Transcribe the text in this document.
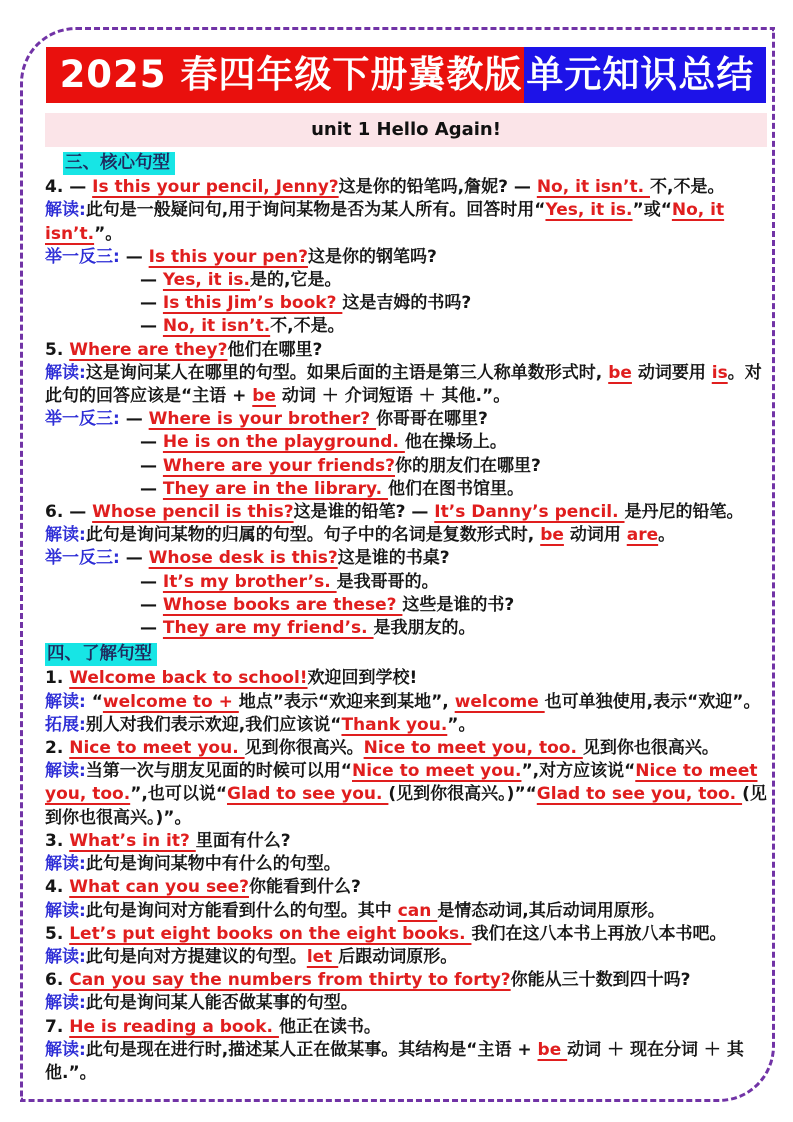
2025 春四年级下册冀教版 单元知识总结
unit 1 Hello Again!
三、核心句型
4. — Is this your pencil, Jenny?这是你的铅笔吗,詹妮? — No, it isn’t. 不,不是。
解读:此句是一般疑问句,用于询问某物是否为某人所有。回答时用“Yes, it is.”或“No, it isn’t.”。
举一反三: — Is this your pen?这是你的钢笔吗?
— Yes, it is.是的,它是。
— Is this Jim’s book? 这是吉姆的书吗?
— No, it isn’t.不,不是。
5. Where are they?他们在哪里?
解读:这是询问某人在哪里的句型。如果后面的主语是第三人称单数形式时, be 动词要用 is。对此句的回答应该是“主语 + be 动词 ＋ 介词短语 ＋ 其他.”。
举一反三: — Where is your brother? 你哥哥在哪里?
— He is on the playground. 他在操场上。
— Where are your friends?你的朋友们在哪里?
— They are in the library. 他们在图书馆里。
6. — Whose pencil is this?这是谁的铅笔? — It’s Danny’s pencil. 是丹尼的铅笔。
解读:此句是询问某物的归属的句型。句子中的名词是复数形式时, be 动词用 are。
举一反三: — Whose desk is this?这是谁的书桌?
— It’s my brother’s. 是我哥哥的。
— Whose books are these? 这些是谁的书?
— They are my friend’s. 是我朋友的。
四、了解句型
1. Welcome back to school!欢迎回到学校!
解读: “welcome to + 地点”表示“欢迎来到某地”, welcome 也可单独使用,表示“欢迎”。
拓展:别人对我们表示欢迎,我们应该说“Thank you.”。
2. Nice to meet you. 见到你很高兴。Nice to meet you, too. 见到你也很高兴。
解读:当第一次与朋友见面的时候可以用“Nice to meet you.”,对方应该说“Nice to meet you, too.”,也可以说“Glad to see you. (见到你很高兴。)”“Glad to see you, too. (见到你也很高兴。)”。
3. What’s in it? 里面有什么?
解读:此句是询问某物中有什么的句型。
4. What can you see?你能看到什么?
解读:此句是询问对方能看到什么的句型。其中 can 是情态动词,其后动词用原形。
5. Let’s put eight books on the eight books. 我们在这八本书上再放八本书吧。
解读:此句是向对方提建议的句型。let 后跟动词原形。
6. Can you say the numbers from thirty to forty?你能从三十数到四十吗?
解读:此句是询问某人能否做某事的句型。
7. He is reading a book. 他正在读书。
解读:此句是现在进行时,描述某人正在做某事。其结构是“主语 + be 动词 ＋ 现在分词 ＋ 其他.”。
